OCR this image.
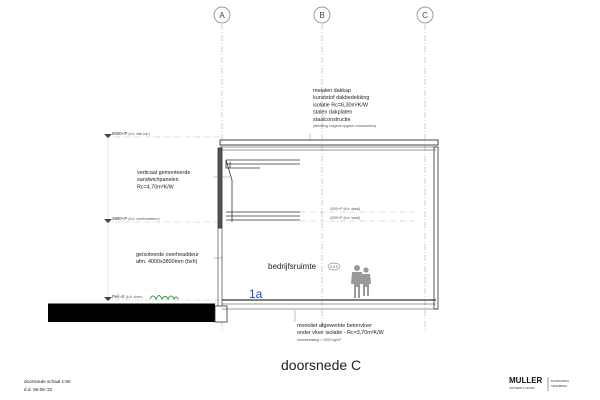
A	B	C
8000+P (b.k. dak hal.)
3800+P (b.k. overheaddeur)
Peil=0 (b.k. vloer)
4000+P (b.k. staal)
4200+P (b.k. staal)
metalen dakkap kunststof dakbedekking isolatie Rc=6,30m²K/W stalen dakplaten staalconstructie (afmeting volgens opgave constructeur)
verticaal gemonteerde sandwichpanelen Rc=4,70m²K/W
geïsoleerde overheaddeur afm. 4000x3800mm (bxh)	bedrijfsruimte	0.0.0
1a
monoliet afgewerkte betonvloer onder vloer isolatie - Rc=3,70m²K/W vloerbelasting = 2000 kg/m²
doorsnede C
doorsnede schaal 1:50
d.d. 06-05-'22
MULLER
ONTWERP & ADVIES
BOUWKUNDIG
TEKENBURO
